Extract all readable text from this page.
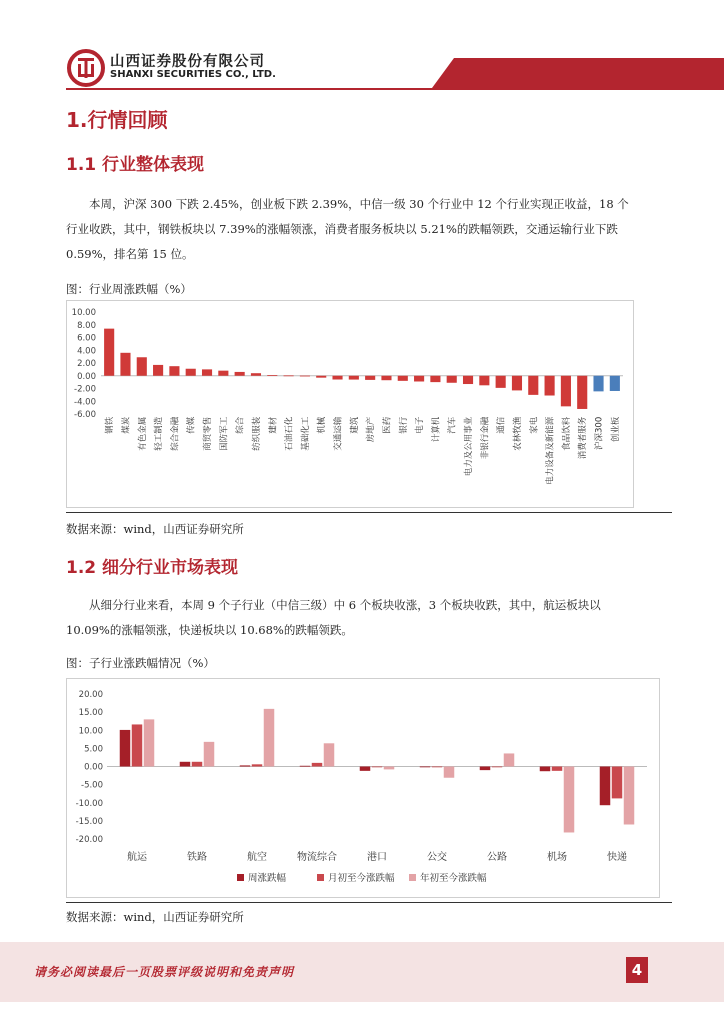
山西证券股份有限公司
SHANXI SECURITIES CO., LTD.
证券研究报告：行业研究/定期报告
1.行情回顾
1.1 行业整体表现
本周，沪深 300 下跌 2.45%，创业板下跌 2.39%，中信一级 30 个行业中 12 个行业实现正收益，18 个
行业收跌，其中，钢铁板块以 7.39%的涨幅领涨，消费者服务板块以 5.21%的跌幅领跌，交通运输行业下跌
0.59%，排名第 15 位。
图：行业周涨跌幅（%）
10.00
8.00
6.00
4.00
2.00
0.00
-2.00
-4.00
-6.00
钢铁 煤炭 有色金属 轻工制造 综合金融 传媒 商贸零售 国防军工 综合 纺织服装 建材 石油石化 基础化工 机械 交通运输 建筑 房地产 医药 银行 电子 计算机 汽车 电力及公用事业 非银行金融 通信 农林牧渔 家电 电力设备及新能源 食品饮料 消费者服务 沪深300 创业板
数据来源：wind，山西证券研究所
1.2 细分行业市场表现
从细分行业来看，本周 9 个子行业（中信三级）中 6 个板块收涨，3 个板块收跌，其中，航运板块以
10.09%的涨幅领涨，快递板块以 10.68%的跌幅领跌。
图：子行业涨跌幅情况（%）
20.00
15.00
10.00
5.00
0.00
-5.00
-10.00
-15.00
-20.00
航运	铁路	航空	物流综合	港口	公交	公路	机场	快递
周涨跌幅	月初至今涨跌幅	年初至今涨跌幅
数据来源：wind，山西证券研究所
请务必阅读最后一页股票评级说明和免责声明	4
